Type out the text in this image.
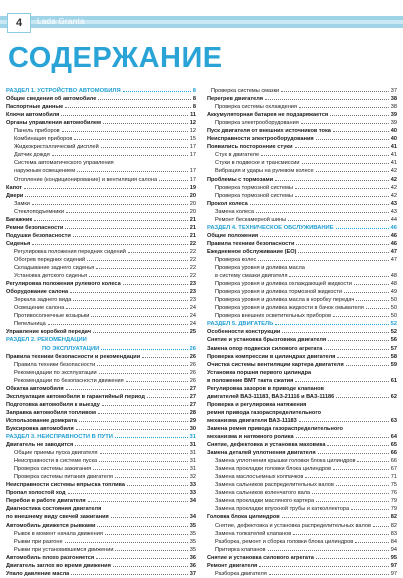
4	Lada Granta
СОДЕРЖАНИЕ
РАЗДЕЛ 1. УСТРОЙСТВО АВТОМОБИЛЯ	8
Общие сведения об автомобиле	8
Паспортные данные	8
Ключи автомобиля	11
Органы управления автомобилем	12
Панель приборов	12
Комбинация приборов	15
Жидкокристаллический дисплей	17
Датчик дождя	17
Система автоматического управления
наружным освещением	17
Отопление (кондиционирование) и вентиляция салона	17
Капот	19
Двери	20
Замки	20
Стеклоподъемники	20
Багажник	21
Ремни безопасности	21
Подушки безопасности	21
Сиденья	22
Регулировка положения передних сидений	22
Обогрев передних сидений	22
Складывание заднего сиденья	22
Установка детского сиденья	22
Регулировка положения рулевого колеса	23
Оборудование салона	23
Зеркала заднего вида	23
Освещение салона	24
Противосолнечные козырьки	24
Пепельница	24
Управление коробкой передач	25
РАЗДЕЛ 2. РЕКОМЕНДАЦИИ
ПО ЭКСПЛУАТАЦИИ	26
Правила техники безопасности и рекомендации	26
Правила техники безопасности	26
Рекомендации по эксплуатации	26
Рекомендации по безопасности движения	26
Обкатка автомобиля	27
Эксплуатация автомобиля в гарантийный период	27
Подготовка автомобиля к выезду	27
Заправка автомобиля топливом	28
Использование домкрата	29
Буксировка автомобиля	30
РАЗДЕЛ 3. НЕИСПРАВНОСТИ В ПУТИ	31
Двигатель не заводится	31
Общие приемы пуска двигателя	31
Неисправности в системе пуска	31
Проверка системы зажигания	31
Проверка системы питания двигателя	32
Неисправности системы впрыска топлива	33
Пропал холостой ход	33
Перебои в работе двигателя	34
Диагностика состояния двигателя
по внешнему виду свечей зажигания	34
Автомобиль движется рывками	35
Рывок в момент начала движения	35
Рывки при разгоне	35
Рывки при установившемся движении	35
Автомобиль плохо разгоняется	36
Двигатель заглох во время движения	36
Упало давление масла	37
Проверка системы смазки	37
Перегрев двигателя	38
Проверка системы охлаждения	38
Аккумуляторная батарея не подзаряжается	39
Проверка электрооборудования	39
Пуск двигателя от внешних источников тока	40
Неисправности электрооборудования	40
Появились посторонние стуки	41
Стук в двигателе	41
Стуки в подвеске и трансмиссии	41
Вибрация и удары на рулевом колесе	42
Проблемы с тормозами	42
Проверка тормозной системы	42
Проверка тормозной системы	42
Прокол колеса	43
Замена колеса	43
Ремонт бескамерной шины	44
РАЗДЕЛ 4. ТЕХНИЧЕСКОЕ ОБСЛУЖИВАНИЕ	46
Общие положения	46
Правила техники безопасности	46
Ежедневное обслуживание (ЕО)	47
Проверка колес	47
Проверка уровня и доливка масла
в систему смазки двигателя	48
Проверка уровня и доливка охлаждающей жидкости	48
Проверка уровня и доливка тормозной жидкости	49
Проверка уровня и доливка масла в коробку передач	50
Проверка уровня и доливка жидкости в бачок омывателя	50
Проверка внешних осветительных приборов	50
РАЗДЕЛ 5. ДВИГАТЕЛЬ	52
Особенности конструкции	52
Снятие и установка брызговика двигателя	56
Замена опор подвески силового агрегата	57
Проверка компрессии в цилиндрах двигателя	58
Очистка системы вентиляции картера двигателя	59
Установка поршня первого цилиндра
в положение ВМТ такта сжатия	61
Регулировка зазоров в приводе клапанов
двигателей ВАЗ-11183, ВАЗ-21116 и ВАЗ-11186	62
Проверка и регулировка натяжения
ремня привода газораспределительного
механизма двигателя ВАЗ-11183	63
Замена ремня привода газораспределительного
механизма и натяжного ролика	64
Снятие, дефектовка и установка маховика	65
Замена деталей уплотнения двигателя	66
Замена уплотнения крышки головки блока цилиндров	66
Замена прокладки головки блока цилиндров	67
Замена маслосъемных колпачков	71
Замена сальников распределительных валов	75
Замена сальников коленчатого вала	76
Замена прокладки масляного картера	79
Замена прокладки впускной трубы и катколлектора	79
Головка блока цилиндров	82
Снятие, дефектовка и установка распределительных валов	82
Замена толкателей клапанов	83
Разборка, ремонт и сборка головки блока цилиндров	84
Притирка клапанов	94
Снятие и установка силового агрегата	95
Ремонт двигателя	97
Разборка двигателя	97
